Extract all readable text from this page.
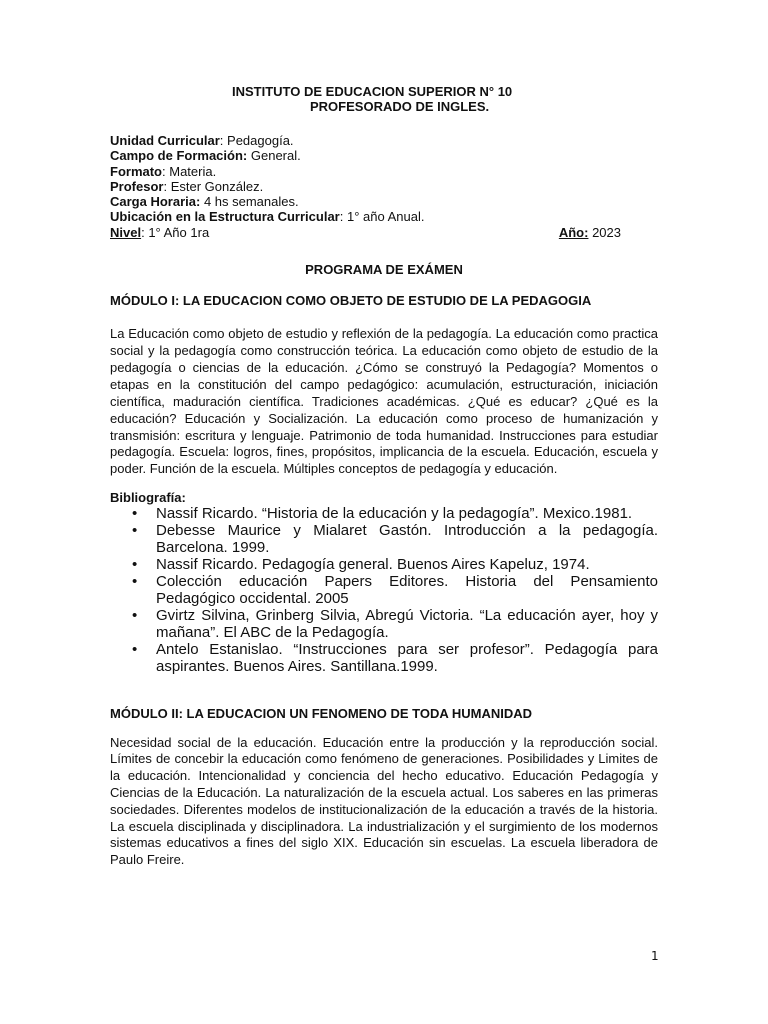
INSTITUTO DE EDUCACION SUPERIOR N° 10
PROFESORADO DE INGLES.
Unidad Curricular: Pedagogía.
Campo de Formación: General.
Formato: Materia.
Profesor: Ester González.
Carga Horaria: 4 hs semanales.
Ubicación en la Estructura Curricular: 1° año Anual.
Nivel: 1° Año 1ra	Año: 2023
PROGRAMA DE EXÁMEN
MÓDULO I: LA EDUCACION COMO OBJETO DE ESTUDIO DE LA PEDAGOGIA
La Educación como objeto de estudio y reflexión de la pedagogía. La educación como practica social y la pedagogía como construcción teórica. La educación como objeto de estudio de la pedagogía o ciencias de la educación. ¿Cómo se construyó la Pedagogía? Momentos o etapas en la constitución del campo pedagógico: acumulación, estructuración, iniciación científica, maduración científica. Tradiciones académicas. ¿Qué es educar? ¿Qué es la educación? Educación y Socialización. La educación como proceso de humanización y transmisión: escritura y lenguaje. Patrimonio de toda humanidad. Instrucciones para estudiar pedagogía. Escuela: logros, fines, propósitos, implicancia de la escuela. Educación, escuela y poder. Función de la escuela. Múltiples conceptos de pedagogía y educación.
Bibliografía:
• Nassif Ricardo. “Historia de la educación y la pedagogía”. Mexico.1981.
• Debesse Maurice y Mialaret Gastón. Introducción a la pedagogía. Barcelona. 1999.
• Nassif Ricardo. Pedagogía general. Buenos Aires Kapeluz, 1974.
• Colección educación Papers Editores. Historia del Pensamiento Pedagógico occidental. 2005
• Gvirtz Silvina, Grinberg Silvia, Abregú Victoria. “La educación ayer, hoy y mañana”. El ABC de la Pedagogía.
• Antelo Estanislao. “Instrucciones para ser profesor”. Pedagogía para aspirantes. Buenos Aires. Santillana.1999.
MÓDULO II: LA EDUCACION UN FENOMENO DE TODA HUMANIDAD
Necesidad social de la educación. Educación entre la producción y la reproducción social. Límites de concebir la educación como fenómeno de generaciones. Posibilidades y Limites de la educación. Intencionalidad y conciencia del hecho educativo. Educación Pedagogía y Ciencias de la Educación. La naturalización de la escuela actual. Los saberes en las primeras sociedades. Diferentes modelos de institucionalización de la educación a través de la historia. La escuela disciplinada y disciplinadora. La industrialización y el surgimiento de los modernos sistemas educativos a fines del siglo XIX. Educación sin escuelas. La escuela liberadora de Paulo Freire.
1
